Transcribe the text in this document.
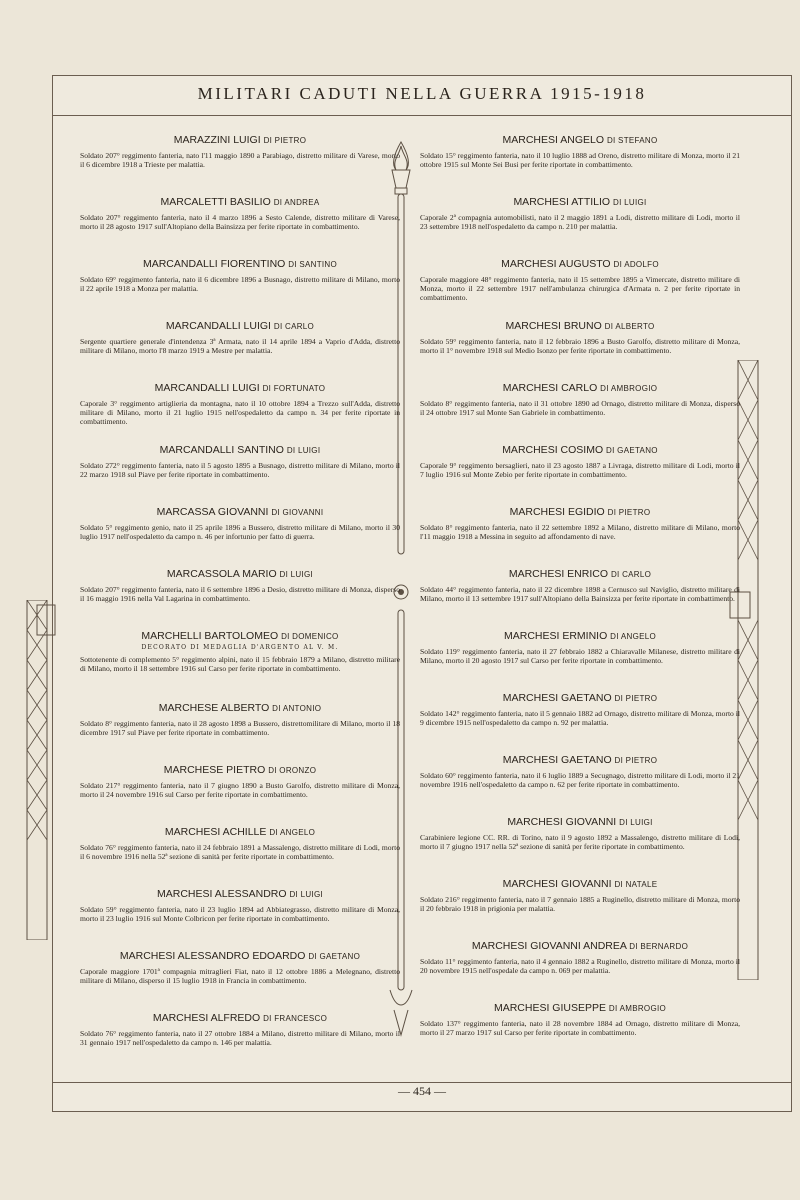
MILITARI CADUTI NELLA GUERRA 1915-1918
MARAZZINI LUIGI DI PIETRO

Soldato 207° reggimento fanteria, nato l'11 maggio 1890 a Parabiago, distretto militare di Varese, morto il 6 dicembre 1918 a Trieste per malattia.

MARCALETTI BASILIO DI ANDREA

Soldato 207° reggimento fanteria, nato il 4 marzo 1896 a Sesto Calende, distretto militare di Varese, morto il 28 agosto 1917 sull'Altopiano della Bainsizza per ferite riportate in combattimento.

MARCANDALLI FIORENTINO DI SANTINO

Soldato 69° reggimento fanteria, nato il 6 dicembre 1896 a Busnago, distretto militare di Milano, morto il 22 aprile 1918 a Monza per malattia.

MARCANDALLI LUIGI DI CARLO

Sergente quartiere generale d'intendenza 3ª Armata, nato il 14 aprile 1894 a Vaprio d'Adda, distretto militare di Milano, morto l'8 marzo 1919 a Mestre per malattia.

MARCANDALLI LUIGI DI FORTUNATO

Caporale 3° reggimento artiglieria da montagna, nato il 10 ottobre 1894 a Trezzo sull'Adda, distretto militare di Milano, morto il 21 luglio 1915 nell'ospedaletto da campo n. 34 per ferite riportate in combattimento.

MARCANDALLI SANTINO DI LUIGI

Soldato 272° reggimento fanteria, nato il 5 agosto 1895 a Busnago, distretto militare di Milano, morto il 22 marzo 1918 sul Piave per ferite riportate in combattimento.

MARCASSA GIOVANNI DI GIOVANNI

Soldato 5° reggimento genio, nato il 25 aprile 1896 a Bussero, distretto militare di Milano, morto il 30 luglio 1917 nell'ospedaletto da campo n. 46 per infortunio per fatto di guerra.

MARCASSOLA MARIO DI LUIGI

Soldato 207° reggimento fanteria, nato il 6 settembre 1896 a Desio, distretto militare di Monza, disperso il 16 maggio 1916 nella Val Lagarina in combattimento.

MARCHELLI BARTOLOMEO DI DOMENICO
DECORATO DI MEDAGLIA D'ARGENTO AL V. M.

Sottotenente di complemento 5° reggimento alpini, nato il 15 febbraio 1879 a Milano, distretto militare di Milano, morto il 18 settembre 1916 sul Carso per ferite riportate in combattimento.

MARCHESE ALBERTO DI ANTONIO

Soldato 8° reggimento fanteria, nato il 28 agosto 1898 a Bussero, distrettomilitare di Milano, morto il 18 dicembre 1917 sul Piave per ferite riportate in combattimento.

MARCHESE PIETRO DI ORONZO

Soldato 217° reggimento fanteria, nato il 7 giugno 1890 a Busto Garolfo, distretto militare di Monza, morto il 24 novembre 1916 sul Carso per ferite riportate in combattimento.

MARCHESI ACHILLE DI ANGELO

Soldato 76° reggimento fanteria, nato il 24 febbraio 1891 a Massalengo, distretto militare di Lodi, morto il 6 novembre 1916 nella 52ª sezione di sanità per ferite riportate in combattimento.

MARCHESI ALESSANDRO DI LUIGI

Soldato 59° reggimento fanteria, nato il 23 luglio 1894 ad Abbiategrasso, distretto militare di Monza, morto il 23 luglio 1916 sul Monte Colbricon per ferite riportate in combattimento.

MARCHESI ALESSANDRO EDOARDO DI GAETANO

Caporale maggiore 1701ª compagnia mitraglieri Fiat, nato il 12 ottobre 1886 a Melegnano, distretto militare di Milano, disperso il 15 luglio 1918 in Francia in combattimento.

MARCHESI ALFREDO DI FRANCESCO

Soldato 76° reggimento fanteria, nato il 27 ottobre 1884 a Milano, distretto militare di Milano, morto il 31 gennaio 1917 nell'ospedaletto da campo n. 146 per malattia.

MARCHESI ANGELO DI STEFANO

Soldato 15° reggimento fanteria, nato il 10 luglio 1888 ad Oreno, distretto militare di Monza, morto il 21 ottobre 1915 sul Monte Sei Busi per ferite riportate in combattimento.

MARCHESI ATTILIO DI LUIGI

Caporale 2ª compagnia automobilisti, nato il 2 maggio 1891 a Lodi, distretto militare di Lodi, morto il 23 settembre 1918 nell'ospedaletto da campo n. 210 per malattia.

MARCHESI AUGUSTO DI ADOLFO

Caporale maggiore 48° reggimento fanteria, nato il 15 settembre 1895 a Vimercate, distretto militare di Monza, morto il 22 settembre 1917 nell'ambulanza chirurgica d'Armata n. 2 per ferite riportate in combattimento.

MARCHESI BRUNO DI ALBERTO

Soldato 59° reggimento fanteria, nato il 12 febbraio 1896 a Busto Garolfo, distretto militare di Monza, morto il 1° novembre 1918 sul Medio Isonzo per ferite riportate in combattimento.

MARCHESI CARLO DI AMBROGIO

Soldato 8° reggimento fanteria, nato il 31 ottobre 1890 ad Ornago, distretto militare di Monza, disperso il 24 ottobre 1917 sul Monte San Gabriele in combattimento.

MARCHESI COSIMO DI GAETANO

Caporale 9° reggimento bersaglieri, nato il 23 agosto 1887 a Livraga, distretto militare di Lodi, morto il 7 luglio 1916 sul Monte Zebio per ferite riportate in combattimento.

MARCHESI EGIDIO DI PIETRO

Soldato 8° reggimento fanteria, nato il 22 settembre 1892 a Milano, distretto militare di Milano, morto l'11 maggio 1918 a Messina in seguito ad affondamento di nave.

MARCHESI ENRICO DI CARLO

Soldato 44° reggimento fanteria, nato il 22 dicembre 1898 a Cernusco sul Naviglio, distretto militare di Milano, morto il 13 settembre 1917 sull'Altopiano della Bainsizza per ferite riportate in combattimento.

MARCHESI ERMINIO DI ANGELO

Soldato 119° reggimento fanteria, nato il 27 febbraio 1882 a Chiaravalle Milanese, distretto militare di Milano, morto il 20 agosto 1917 sul Carso per ferite riportate in combattimento.

MARCHESI GAETANO DI PIETRO

Soldato 142° reggimento fanteria, nato il 5 gennaio 1882 ad Ornago, distretto militare di Monza, morto il 9 dicembre 1915 nell'ospedaletto da campo n. 92 per malattia.

MARCHESI GAETANO DI PIETRO

Soldato 60° reggimento fanteria, nato il 6 luglio 1889 a Secugnago, distretto militare di Lodi, morto il 21 novembre 1916 nell'ospedaletto da campo n. 62 per ferite riportate in combattimento.

MARCHESI GIOVANNI DI LUIGI

Carabiniere legione CC. RR. di Torino, nato il 9 agosto 1892 a Massalengo, distretto militare di Lodi, morto il 7 giugno 1917 nella 52ª sezione di sanità per ferite riportate in combattimento.

MARCHESI GIOVANNI DI NATALE

Soldato 216° reggimento fanteria, nato il 7 gennaio 1885 a Ruginello, distretto militare di Monza, morto il 20 febbraio 1918 in prigionia per malattia.

MARCHESI GIOVANNI ANDREA DI BERNARDO

Soldato 11° reggimento fanteria, nato il 4 gennaio 1882 a Ruginello, distretto militare di Monza, morto il 20 novembre 1915 nell'ospedale da campo n. 069 per malattia.

MARCHESI GIUSEPPE DI AMBROGIO

Soldato 137° reggimento fanteria, nato il 28 novembre 1884 ad Ornago, distretto militare di Monza, morto il 27 marzo 1917 sul Carso per ferite riportate in combattimento.

— 454 —
